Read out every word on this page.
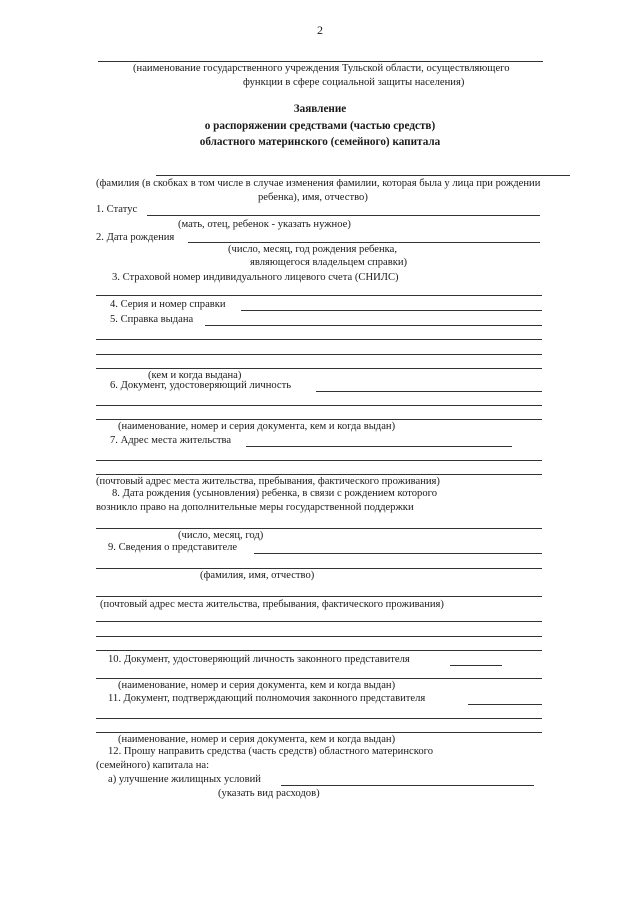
2
(наименование государственного учреждения Тульской области, осуществляющего
функции в сфере социальной защиты населения)
Заявление
о распоряжении средствами (частью средств)
областного материнского (семейного) капитала
(фамилия (в скобках в том числе в случае изменения фамилии, которая была у лица при рождении
ребенка), имя, отчество)
1. Статус
(мать, отец, ребенок - указать нужное)
2. Дата рождения
(число, месяц, год рождения ребенка,
являющегося владельцем справки)
3. Страховой номер индивидуального лицевого счета (СНИЛС)
4. Серия и номер справки
5. Справка выдана
(кем и когда выдана)
6. Документ, удостоверяющий личность
(наименование, номер и серия документа, кем и когда выдан)
7. Адрес места жительства
(почтовый адрес места жительства, пребывания, фактического проживания)
8. Дата рождения (усыновления) ребенка, в связи с рождением которого
возникло право на дополнительные меры государственной поддержки
(число, месяц, год)
9. Сведения о представителе
(фамилия, имя, отчество)
(почтовый адрес места жительства, пребывания, фактического проживания)
10. Документ, удостоверяющий личность законного представителя
(наименование, номер и серия документа, кем и когда выдан)
11. Документ, подтверждающий полномочия законного представителя
(наименование, номер и серия документа, кем и когда выдан)
12. Прошу направить средства (часть средств) областного материнского
(семейного) капитала на:
а) улучшение жилищных условий
(указать вид расходов)
